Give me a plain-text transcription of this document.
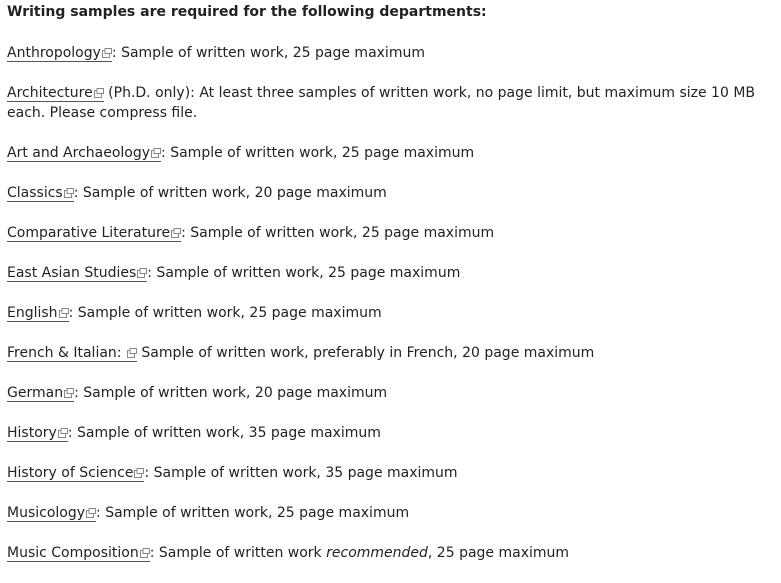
Writing samples are required for the following departments:
Anthropology : Sample of written work, 25 page maximum
Architecture
(Ph.D. only): At least three samples of written work, no page limit, but maximum size 10 MB each. Please compress file.
Art and Archaeology : Sample of written work, 25 page maximum
Classics : Sample of written work, 20 page maximum
Comparative Literature : Sample of written work, 25 page maximum
East Asian Studies : Sample of written work, 25 page maximum
English : Sample of written work, 25 page maximum
French & Italian:
Sample of written work, preferably in French, 20 page maximum
German : Sample of written work, 20 page maximum
History : Sample of written work, 35 page maximum
History of Science : Sample of written work, 35 page maximum
Musicology : Sample of written work, 25 page maximum
Music Composition : Sample of written work recommended, 25 page maximum
